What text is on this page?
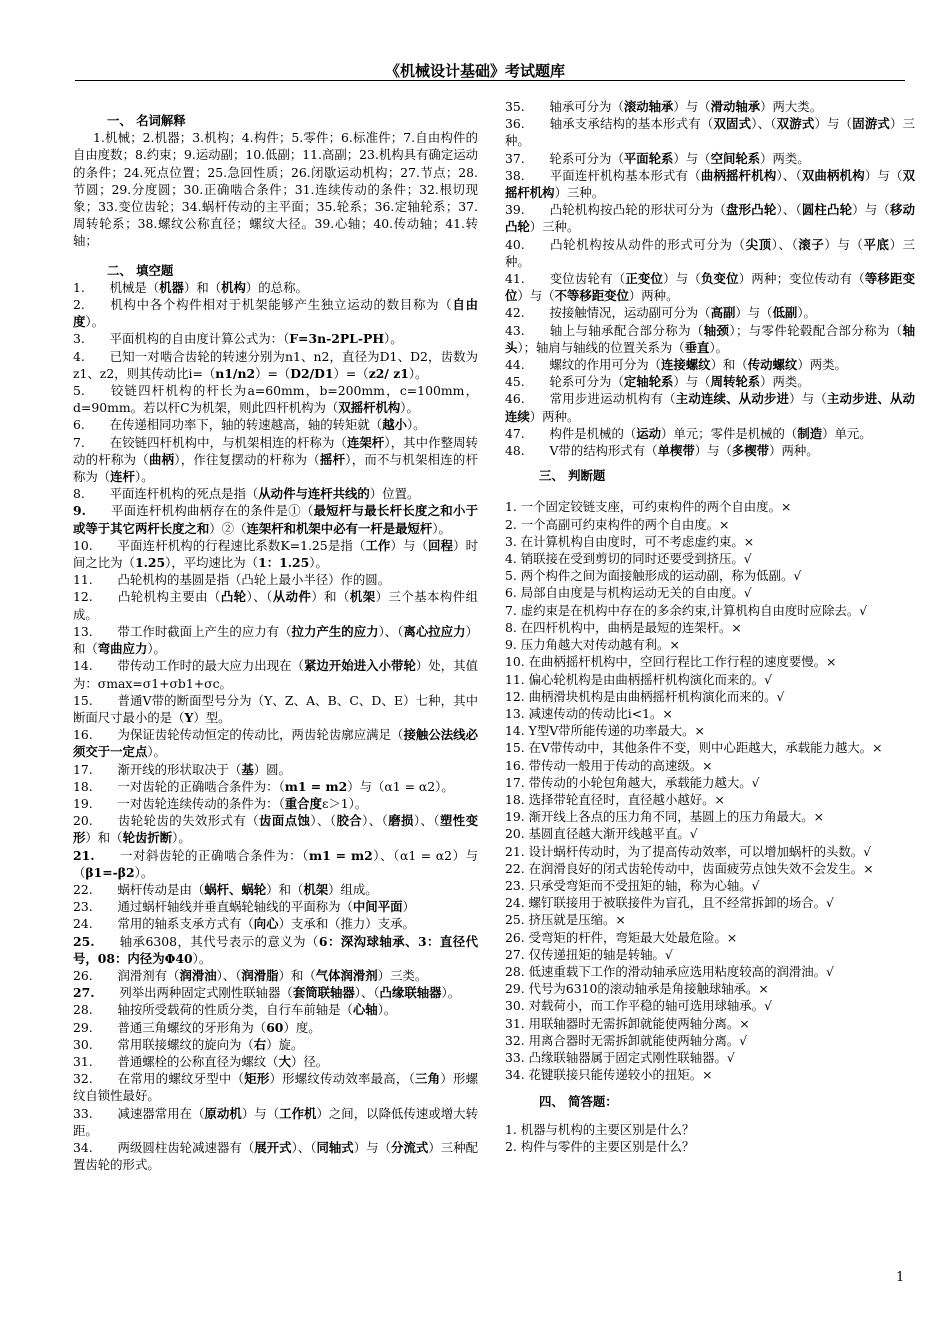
《机械设计基础》考试题库

一、 名词解释

1.机械；2.机器；3.机构；4.构件；5.零件；6.标准件；7.自由构件的自由度数；8.约束；9.运动副；10.低副；11.高副；23.机构具有确定运动的条件；24.死点位置；25.急回性质；26.闭歇运动机构；27.节点；28.节圆；29.分度圆；30.正确啮合条件；31.连续传动的条件；32.根切现象；33.变位齿轮；34.蜗杆传动的主平面；35.轮系；36.定轴轮系；37.周转轮系；38.螺纹公称直径；螺纹大径。39.心轴；40.传动轴；41.转轴；

二、 填空题

1.  机械是（机器）和（机构）的总称。

2.  机构中各个构件相对于机架能够产生独立运动的数目称为（自由度）。

3.  平面机构的自由度计算公式为：（F=3n-2PL-PH）。

4.  已知一对啮合齿轮的转速分别为n1、n2，直径为D1、D2，齿数为z1、z2，则其传动比i=（n1/n2）=（D2/D1）=（z2/ z1）。

5.  铰链四杆机构的杆长为a=60mm，b=200mm，c=100mm，d=90mm。若以杆C为机架，则此四杆机构为（双摇杆机构）。

6.  在传递相同功率下，轴的转速越高，轴的转矩就（越小）。

7.  在铰链四杆机构中，与机架相连的杆称为（连架杆），其中作整周转动的杆称为（曲柄），作往复摆动的杆称为（摇杆），而不与机架相连的杆称为（连杆）。

8.  平面连杆机构的死点是指（从动件与连杆共线的）位置。

9.  平面连杆机构曲柄存在的条件是①（最短杆与最长杆长度之和小于或等于其它两杆长度之和）②（连架杆和机架中必有一杆是最短杆）。

10.  平面连杆机构的行程速比系数K=1.25是指（工作）与（回程）时间之比为（1.25），平均速比为（1：1.25）。

11.  凸轮机构的基圆是指（凸轮上最小半径）作的圆。

12.  凸轮机构主要由（凸轮）、（从动件）和（机架）三个基本构件组成。

13.  带工作时截面上产生的应力有（拉力产生的应力）、（离心拉应力）和（弯曲应力）。

14.  带传动工作时的最大应力出现在（紧边开始进入小带轮）处，其值为：σmax=σ1+σb1+σc。

15.  普通V带的断面型号分为（Y、Z、A、B、C、D、E）七种，其中断面尺寸最小的是（Y）型。

16.  为保证齿轮传动恒定的传动比，两齿轮齿廓应满足（接触公法线必须交于一定点）。

17.  渐开线的形状取决于（基）圆。

18.  一对齿轮的正确啮合条件为：（m1 = m2）与（α1 = α2）。

19.  一对齿轮连续传动的条件为：（重合度ε＞1）。

20.  齿轮轮齿的失效形式有（齿面点蚀）、（胶合）、（磨损）、（塑性变形）和（轮齿折断）。

21.  一对斜齿轮的正确啮合条件为：（m1 = m2）、（α1 = α2）与（β1=-β2）。

22.  蜗杆传动是由（蜗杆、蜗轮）和（机架）组成。

23.  通过蜗杆轴线并垂直蜗轮轴线的平面称为（中间平面）

24.  常用的轴系支承方式有（向心）支承和（推力）支承。

25.  轴承6308，其代号表示的意义为（6：深沟球轴承、3：直径代号，08：内径为Φ40）。

26.  润滑剂有（润滑油）、（润滑脂）和（气体润滑剂）三类。

27.  列举出两种固定式刚性联轴器（套筒联轴器）、（凸缘联轴器）。

28.  轴按所受载荷的性质分类，自行车前轴是（心轴）。

29.  普通三角螺纹的牙形角为（60）度。

30.  常用联接螺纹的旋向为（右）旋。

31.  普通螺栓的公称直径为螺纹（大）径。

32.  在常用的螺纹牙型中（矩形）形螺纹传动效率最高，（三角）形螺纹自锁性最好。

33.  减速器常用在（原动机）与（工作机）之间，以降低传速或增大转距。

34.  两级圆柱齿轮减速器有（展开式）、（同轴式）与（分流式）三种配置齿轮的形式。

35.  轴承可分为（滚动轴承）与（滑动轴承）两大类。

36.  轴承支承结构的基本形式有（双固式）、（双游式）与（固游式）三种。

37.  轮系可分为（平面轮系）与（空间轮系）两类。

38.  平面连杆机构基本形式有（曲柄摇杆机构）、（双曲柄机构）与（双摇杆机构）三种。

39.  凸轮机构按凸轮的形状可分为（盘形凸轮）、（圆柱凸轮）与（移动凸轮）三种。

40.  凸轮机构按从动件的形式可分为（尖顶）、（滚子）与（平底）三种。

41.  变位齿轮有（正变位）与（负变位）两种；变位传动有（等移距变位）与（不等移距变位）两种。

42.  按接触情况，运动副可分为（高副）与（低副）。

43.  轴上与轴承配合部分称为（轴颈）；与零件轮毂配合部分称为（轴头）；轴肩与轴线的位置关系为（垂直）。

44.  螺纹的作用可分为（连接螺纹）和（传动螺纹）两类。

45.  轮系可分为（定轴轮系）与（周转轮系）两类。

46.  常用步进运动机构有（主动连续、从动步进）与（主动步进、从动连续）两种。

47.  构件是机械的（运动）单元；零件是机械的（制造）单元。

48.  V带的结构形式有（单楔带）与（多楔带）两种。

三、 判断题

1. 一个固定铰链支座，可约束构件的两个自由度。×

2. 一个高副可约束构件的两个自由度。×

3. 在计算机构自由度时，可不考虑虚约束。×

4. 销联接在受到剪切的同时还要受到挤压。√

5. 两个构件之间为面接触形成的运动副，称为低副。√

6. 局部自由度是与机构运动无关的自由度。√

7. 虚约束是在机构中存在的多余约束,计算机构自由度时应除去。√

8. 在四杆机构中，曲柄是最短的连架杆。×

9. 压力角越大对传动越有利。×

10. 在曲柄摇杆机构中，空回行程比工作行程的速度要慢。×

11. 偏心轮机构是由曲柄摇杆机构演化而来的。√

12. 曲柄滑块机构是由曲柄摇杆机构演化而来的。√

13. 减速传动的传动比i<1。×

14. Y型V带所能传递的功率最大。×

15. 在V带传动中，其他条件不变，则中心距越大，承载能力越大。×

16. 带传动一般用于传动的高速级。×

17. 带传动的小轮包角越大，承载能力越大。√

18. 选择带轮直径时，直径越小越好。×

19. 渐开线上各点的压力角不同，基圆上的压力角最大。×

20. 基圆直径越大渐开线越平直。√

21. 设计蜗杆传动时，为了提高传动效率，可以增加蜗杆的头数。√

22. 在润滑良好的闭式齿轮传动中，齿面疲劳点蚀失效不会发生。×

23. 只承受弯矩而不受扭矩的轴，称为心轴。√

24. 螺钉联接用于被联接件为盲孔，且不经常拆卸的场合。√

25. 挤压就是压缩。×

26. 受弯矩的杆件，弯矩最大处最危险。×

27. 仅传递扭矩的轴是转轴。√

28. 低速重载下工作的滑动轴承应选用粘度较高的润滑油。√

29. 代号为6310的滚动轴承是角接触球轴承。×

30. 对载荷小，而工作平稳的轴可选用球轴承。√

31. 用联轴器时无需拆卸就能使两轴分离。×

32. 用离合器时无需拆卸就能使两轴分离。√

33. 凸缘联轴器属于固定式刚性联轴器。√

34. 花键联接只能传递较小的扭矩。×

四、 简答题：

1. 机器与机构的主要区别是什么？

2. 构件与零件的主要区别是什么？

1
